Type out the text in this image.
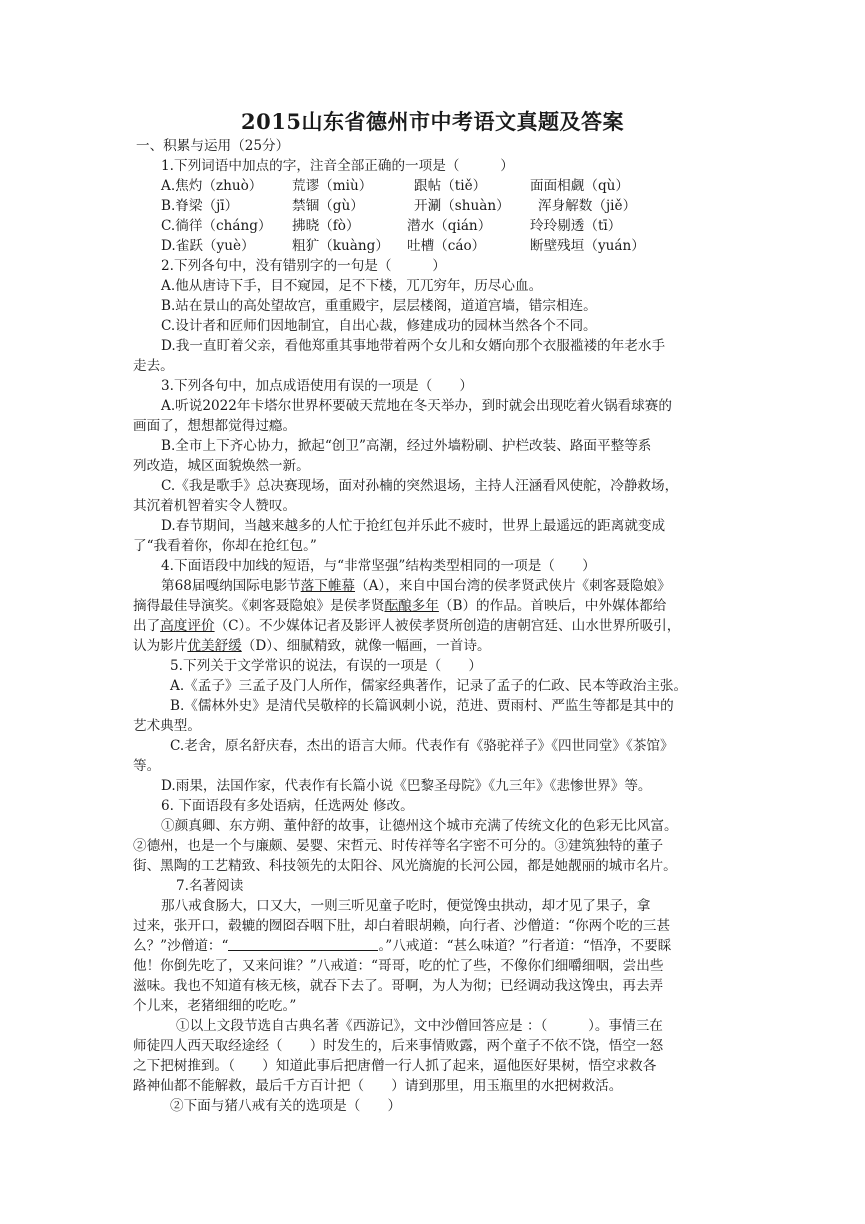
2015山东省德州市中考语文真题及答案
一、积累与运用（25分）
1.下列词语中加点的字，注音全部正确的一项是（　　　）
A.焦灼（zhuò） 荒谬（miù）	跟帖（tiě）	面面相觑（qù）
B.脊梁（jī）	禁锢（gù）	开涮（shuàn） 浑身解数（jiě）
C.徜徉（cháng） 拂晓（fò）	潜水（qián）	玲玲剔透（tī）
D.雀跃（yuè）	粗犷（kuàng） 吐槽（cáo）	断壁残垣（yuán）
2.下列各句中，没有错别字的一句是（　　　）
A.他从唐诗下手，目不窥园，足不下楼，兀兀穷年，历尽心血。
B.站在景山的高处望故宫，重重殿宇，层层楼阁，道道宫墙，错宗相连。
C.设计者和匠师们因地制宜，自出心裁，修建成功的园林当然各个不同。
D.我一直盯着父亲，看他郑重其事地带着两个女儿和女婿向那个衣服褴褛的年老水手
走去。
3.下列各句中，加点成语使用有误的一项是（　　）
A.听说2022年卡塔尔世界杯要破天荒地在冬天举办，到时就会出现吃着火锅看球赛的
画面了，想想都觉得过瘾。
B.全市上下齐心协力，掀起“创卫”高潮，经过外墙粉刷、护栏改装、路面平整等系
列改造，城区面貌焕然一新。
C.《我是歌手》总决赛现场，面对孙楠的突然退场，主持人汪涵看风使舵，冷静救场，
其沉着机智着实令人赞叹。
D.春节期间，当越来越多的人忙于抢红包并乐此不疲时，世界上最遥远的距离就变成
了“我看着你，你却在抢红包。”
4.下面语段中加线的短语，与“非常坚强”结构类型相同的一项是（　　）
第68届嘎纳国际电影节落下帷幕（A），来自中国台湾的侯孝贤武侠片《刺客聂隐娘》
摘得最佳导演奖。《刺客聂隐娘》是侯孝贤酝酿多年（B）的作品。首映后，中外媒体都给
出了高度评价（C）。不少媒体记者及影评人被侯孝贤所创造的唐朝宫廷、山水世界所吸引，
认为影片优美舒缓（D）、细腻精致，就像一幅画，一首诗。
5.下列关于文学常识的说法，有误的一项是（　　）
A.《孟子》三孟子及门人所作，儒家经典著作，记录了孟子的仁政、民本等政治主张。
B.《儒林外史》是清代吴敬梓的长篇讽刺小说，范进、贾雨村、严监生等都是其中的
艺术典型。
C.老舍，原名舒庆春，杰出的语言大师。代表作有《骆驼祥子》《四世同堂》《茶馆》
等。
D.雨果，法国作家，代表作有长篇小说《巴黎圣母院》《九三年》《悲惨世界》等。
6. 下面语段有多处语病，任选两处 修改。
①颜真卿、东方朔、董仲舒的故事，让德州这个城市充满了传统文化的色彩无比风富。
②德州，也是一个与廉颇、晏婴、宋哲元、时传祥等名字密不可分的。③建筑独特的董子
街、黑陶的工艺精致、科技领先的太阳谷、风光旖旎的长河公园，都是她靓丽的城市名片。
7.名著阅读
那八戒食肠大，口又大，一则三听见童子吃时，便觉馋虫拱动，却才见了果子，拿
过来，张开口，毂辘的囫囵吞咽下肚，却白着眼胡赖，向行者、沙僧道：“你两个吃的三甚
么？”沙僧道：“	。”八戒道：“甚么味道？”行者道：“悟净，不要睬
他！你倒先吃了，又来问谁？”八戒道：“哥哥，吃的忙了些，不像你们细嚼细咽，尝出些
滋味。我也不知道有核无核，就吞下去了。哥啊，为人为彻；已经调动我这馋虫，再去弄
个儿来，老猪细细的吃吃。”
①以上文段节选自古典名著《西游记》，文中沙僧回答应是 ：（　　　）。事情三在
师徒四人西天取经途经（　　）时发生的，后来事情败露，两个童子不依不饶，悟空一怒
之下把树推到。（　　）知道此事后把唐僧一行人抓了起来，逼他医好果树，悟空求救各
路神仙都不能解救，最后千方百计把（　　）请到那里，用玉瓶里的水把树救活。
②下面与猪八戒有关的选项是（　　）
